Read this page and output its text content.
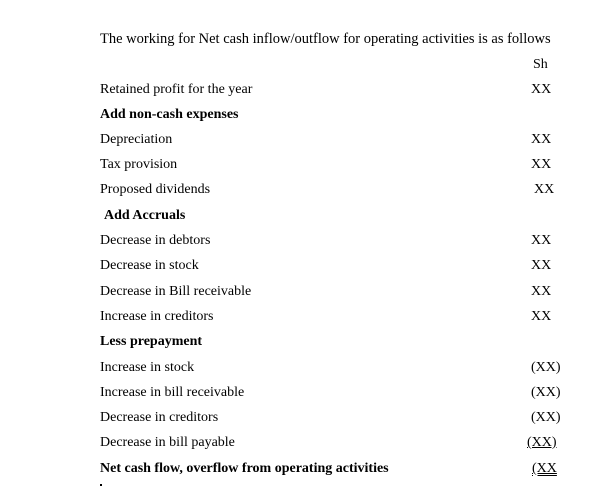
The working for Net cash inflow/outflow for operating activities is as follows
Sh
Retained profit for the year	XX
Add non-cash expenses
Depreciation	XX
Tax provision	XX
Proposed dividends	XX
Add Accruals
Decrease in debtors	XX
Decrease in stock	XX
Decrease in Bill receivable	XX
Increase in creditors	XX
Less prepayment
Increase in stock	(XX)
Increase in bill receivable	(XX)
Decrease in creditors	(XX)
Decrease in bill payable	(XX)
Net cash flow, overflow from operating activities	(XX
